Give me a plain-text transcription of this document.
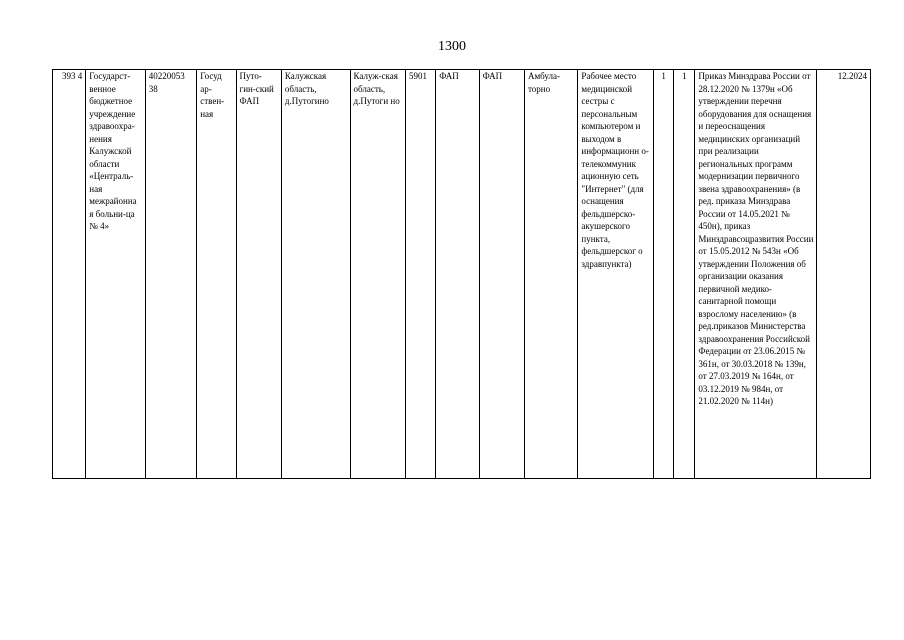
1300
393 4	Государст-венное бюджетное учреждение здравоохра-нения Калужской области «Централь-ная межрайонна я больни-ца № 4»	40220053 38	Госуд ар-ствен-ная	Путо-гин-ский ФАП	Калужская область, д.Путогино	Калуж-ская область, д.Путоги но	5901	ФАП	ФАП	Амбула-торно	Рабочее место медицинской сестры с персональным компьютером и выходом в информационн о-телекоммуник ационную сеть "Интернет" (для оснащения фельдшерско-акушерского пункта, фельдшерског о здравпункта)	1	1	Приказ Минздрава России от 28.12.2020 № 1379н «Об утверждении перечня оборудования для оснащения и переоснащения медицинских организаций при реализации региональных программ модернизации первичного звена здравоохранения» (в ред. приказа Минздрава России от 14.05.2021 № 450н), приказ Минздравсоцразвития России от 15.05.2012 № 543н «Об утверждении Положения об организации оказания первичной медико-санитарной помощи взрослому населению» (в ред.приказов Министерства здравоохранения Российской Федерации от 23.06.2015 № 361н, от 30.03.2018 № 139н, от 27.03.2019 № 164н, от 03.12.2019 № 984н, от 21.02.2020 № 114н)	12.2024
